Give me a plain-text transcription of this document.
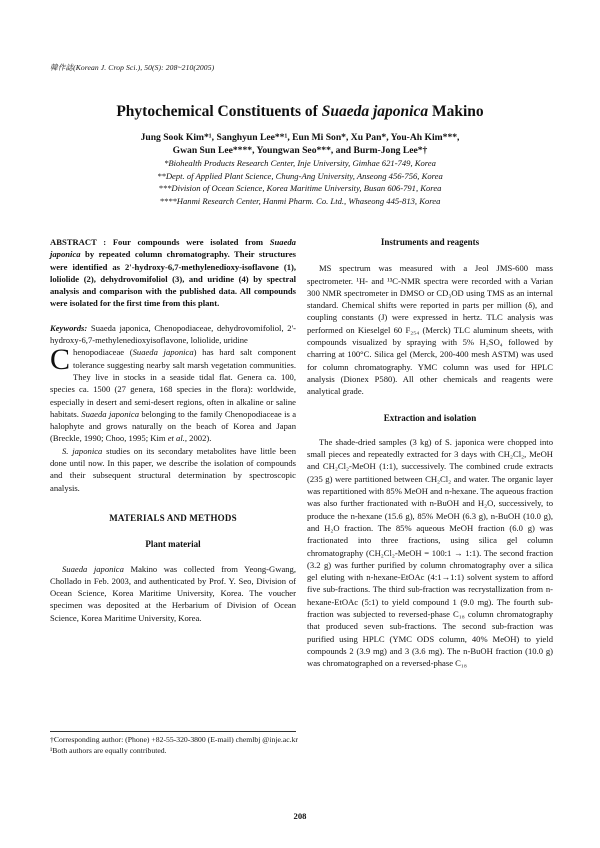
韓作誌(Korean J. Crop Sci.), 50(S): 208~210(2005)
Phytochemical Constituents of Suaeda japonica Makino
Jung Sook Kim*¹, Sanghyun Lee**¹, Eun Mi Son*, Xu Pan*, You-Ah Kim***,
Gwan Sun Lee****, Youngwan Seo***, and Burm-Jong Lee*†
*Biohealth Products Research Center, Inje University, Gimhae 621-749, Korea
**Dept. of Applied Plant Science, Chung-Ang University, Anseong 456-756, Korea
***Division of Ocean Science, Korea Maritime University, Busan 606-791, Korea
****Hanmi Research Center, Hanmi Pharm. Co. Ltd., Whaseong 445-813, Korea

ABSTRACT : Four compounds were isolated from Suaeda japonica by repeated column chromatography. Their structures were identified as 2'-hydroxy-6,7-methylenedioxy-isoflavone (1), loliolide (2), dehydrovomifoliol (3), and uridine (4) by spectral analysis and comparison with the published data. All compounds were isolated for the first time from this plant.

Keywords: Suaeda japonica, Chenopodiaceae, dehydrovomifoliol, 2'-hydroxy-6,7-methylenedioxyisoflavone, loliolide, uridine

Chenopodiaceae (Suaeda japonica) has hard salt component tolerance suggesting nearby salt marsh vegetation communities. They live in stocks in a seaside tidal flat. Genera ca. 100, species ca. 1500 (27 genera, 168 species in the flora): worldwide, especially in desert and semi-desert regions, often in alkaline or saline habitats. Suaeda japonica belonging to the family Chenopodiaceae is a halophyte and grows naturally on the beach of Korea and Japan (Breckle, 1990; Choo, 1995; Kim et al., 2002).

S. japonica studies on its secondary metabolites have little been done until now. In this paper, we describe the isolation of compounds and their subsequent structural determination by spectroscopic analysis.

MATERIALS AND METHODS
Plant material

Suaeda japonica Makino was collected from Yeong-Gwang, Chollado in Feb. 2003, and authenticated by Prof. Y. Seo, Division of Ocean Science, Korea Maritime University, Korea. The voucher specimen was deposited at the Herbarium of Division of Ocean Science, Korea Maritime University, Korea.

†Corresponding author: (Phone) +82-55-320-3800 (E-mail) chemlbj @inje.ac.kr
¹Both authors are equally contributed.
Instruments and reagents

MS spectrum was measured with a Jeol JMS-600 mass spectrometer. ¹H- and ¹³C-NMR spectra were recorded with a Varian 300 NMR spectrometer in DMSO or CD₃OD using TMS as an internal standard. Chemical shifts were reported in parts per million (δ), and coupling constants (J) were expressed in hertz. TLC analysis was performed on Kieselgel 60 F₂₅₄ (Merck) TLC aluminum sheets, with compounds visualized by spraying with 5% H₂SO₄ followed by charring at 100°C. Silica gel (Merck, 200-400 mesh ASTM) was used for column chromatography. YMC column was used for HPLC analysis (Dionex P580). All other chemicals and reagents were analytical grade.

Extraction and isolation

The shade-dried samples (3 kg) of S. japonica were chopped into small pieces and repeatedly extracted for 3 days with CH₂Cl₂, MeOH and CH₂Cl₂-MeOH (1:1), successively. The combined crude extracts (235 g) were partitioned between CH₂Cl₂ and water. The organic layer was repartitioned with 85% MeOH and n-hexane. The aqueous fraction was also further fractionated with n-BuOH and H₂O, successively, to produce the n-hexane (15.6 g), 85% MeOH (6.3 g), n-BuOH (10.0 g), and H₂O fraction. The 85% aqueous MeOH fraction (6.0 g) was fractionated into three fractions, using silica gel column chromatography (CH₂Cl₂-MeOH = 100:1 → 1:1). The second fraction (3.2 g) was further purified by column chromatography over a silica gel eluting with n-hexane-EtOAc (4:1→1:1) solvent system to afford five sub-fractions. The third sub-fraction was recrystallization from n-hexane-EtOAc (5:1) to yield compound 1 (9.0 mg). The fourth sub-fraction was subjected to reversed-phase C₁₈ column chromatography that produced seven sub-fractions. The second sub-fraction was purified using HPLC (YMC ODS column, 40% MeOH) to yield compounds 2 (3.9 mg) and 3 (3.6 mg). The n-BuOH fraction (10.0 g) was chromatographed on a reversed-phase C₁₈

208
